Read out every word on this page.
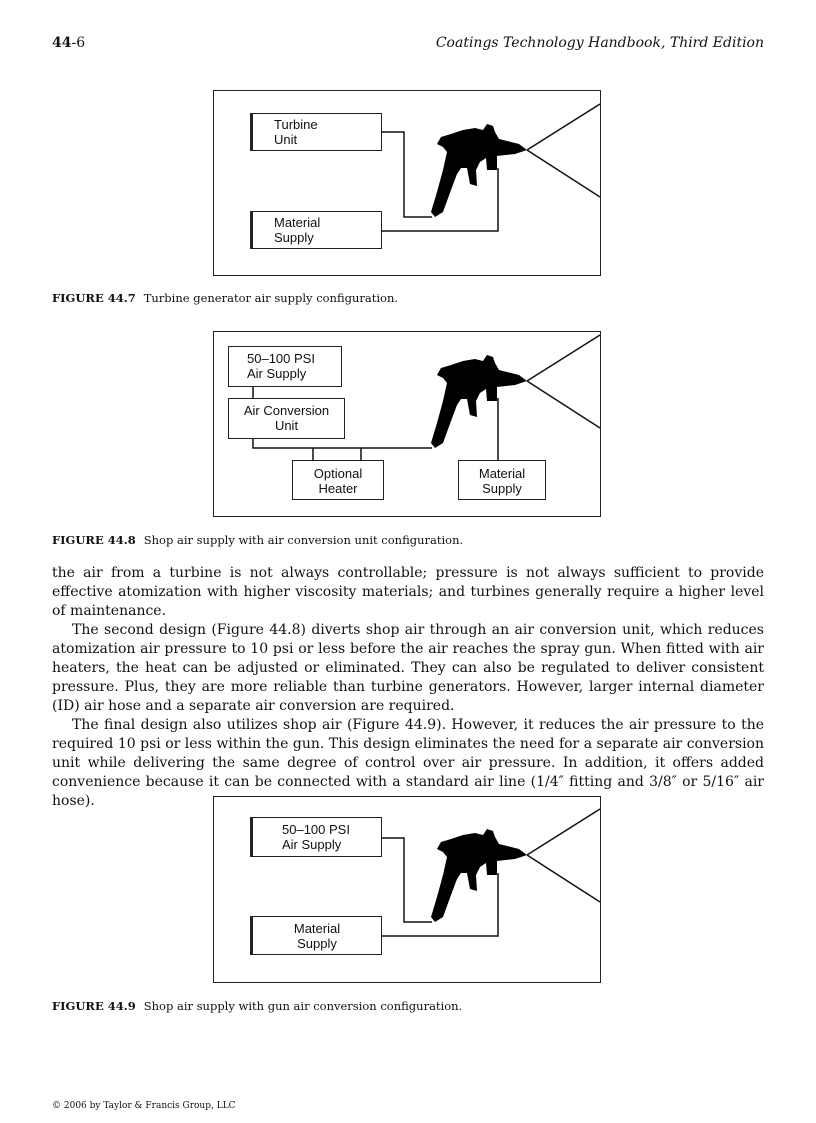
44-6	Coatings Technology Handbook, Third Edition
Turbine
Unit
Material
Supply
FIGURE 44.7 Turbine generator air supply configuration.
50–100 PSI
Air Supply
Air Conversion
Unit
Optional
Heater
Material
Supply
FIGURE 44.8 Shop air supply with air conversion unit configuration.

the air from a turbine is not always controllable; pressure is not always sufficient to provide effective atomization with higher viscosity materials; and turbines generally require a higher level of maintenance.

The second design (Figure 44.8) diverts shop air through an air conversion unit, which reduces atomization air pressure to 10 psi or less before the air reaches the spray gun. When fitted with air heaters, the heat can be adjusted or eliminated. They can also be regulated to deliver consistent pressure. Plus, they are more reliable than turbine generators. However, larger internal diameter (ID) air hose and a separate air conversion are required.

The final design also utilizes shop air (Figure 44.9). However, it reduces the air pressure to the required 10 psi or less within the gun. This design eliminates the need for a separate air conversion unit while delivering the same degree of control over air pressure. In addition, it offers added convenience because it can be connected with a standard air line (1/4″ fitting and 3/8″ or 5/16″ air hose).

50–100 PSI
Air Supply
Material
Supply
FIGURE 44.9 Shop air supply with gun air conversion configuration.
© 2006 by Taylor & Francis Group, LLC
